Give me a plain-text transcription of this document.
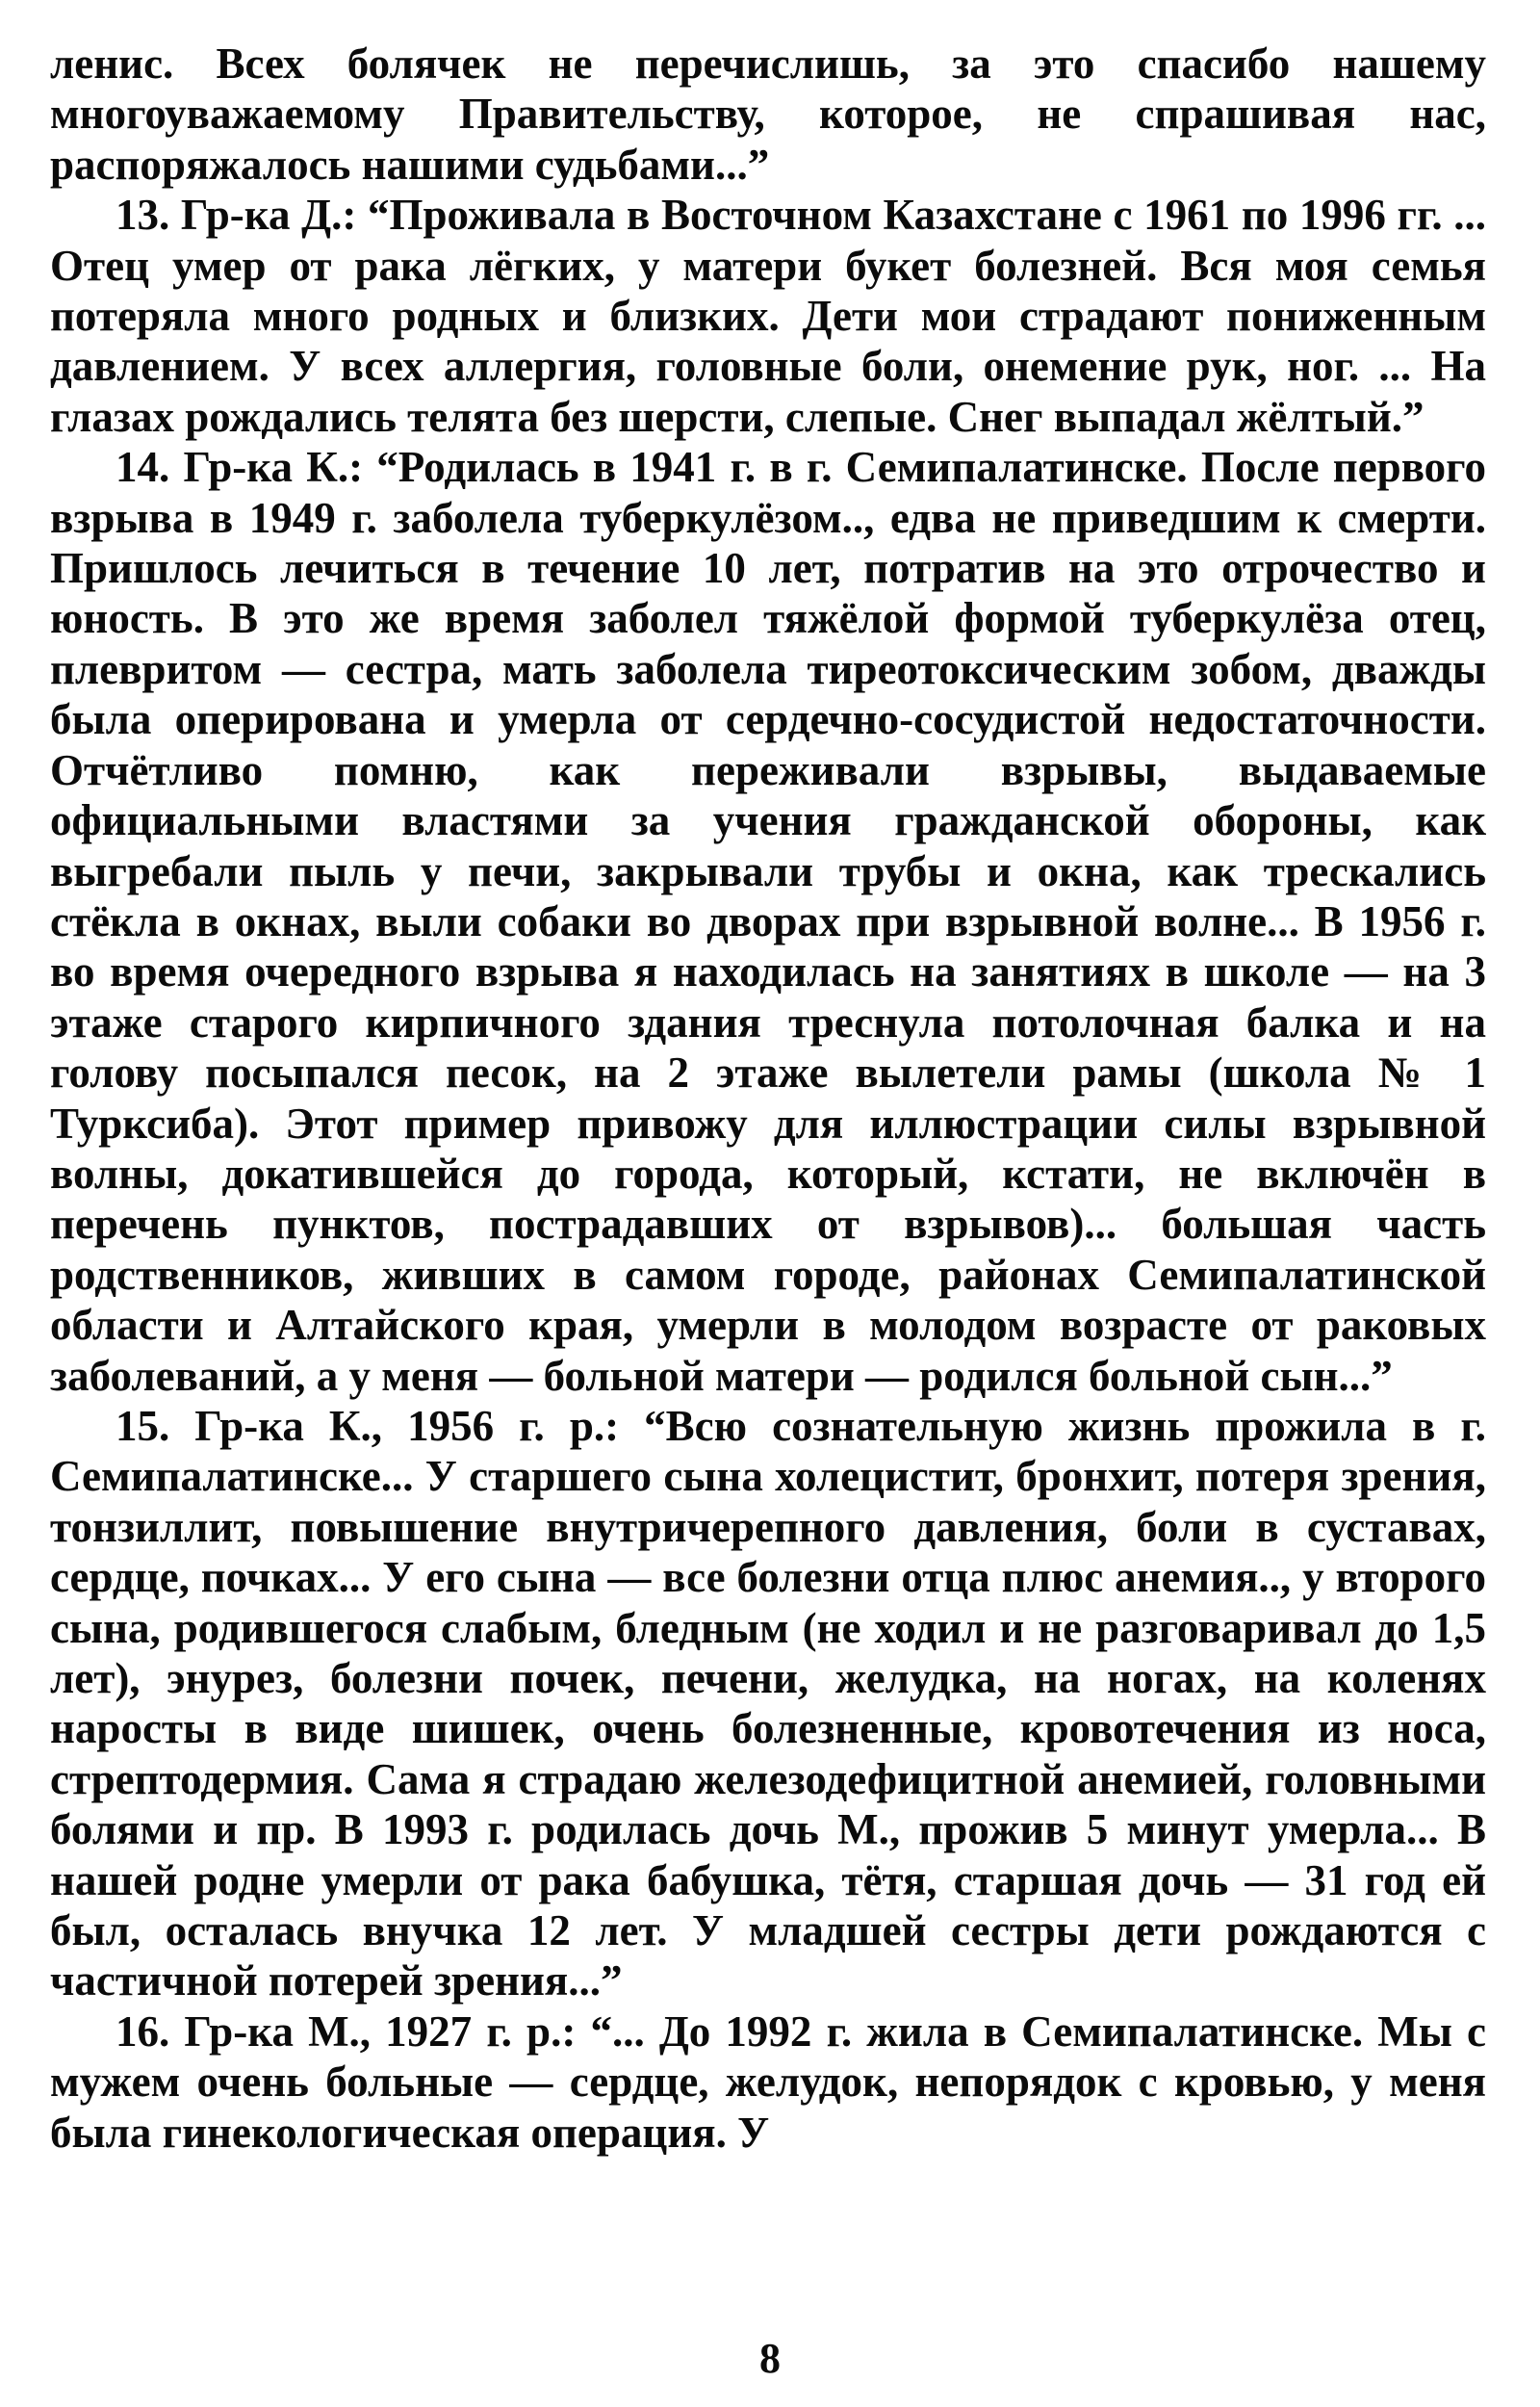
ленис. Всех болячек не перечислишь, за это спасибо нашему многоуважаемому Правительству, которое, не спрашивая нас, распоряжалось нашими судьбами...”

13. Гр-ка Д.: “Проживала в Восточном Казахстане с 1961 по 1996 гг. ... Отец умер от рака лёгких, у матери букет болезней. Вся моя семья потеряла много родных и близких. Дети мои страдают пониженным давлением. У всех аллергия, головные боли, онемение рук, ног. ... На глазах рождались телята без шерсти, слепые. Снег выпадал жёлтый.”

14. Гр-ка К.: “Родилась в 1941 г. в г. Семипалатинске. После первого взрыва в 1949 г. заболела туберкулёзом.., едва не приведшим к смерти. Пришлось лечиться в течение 10 лет, потратив на это отрочество и юность. В это же время заболел тяжёлой формой туберкулёза отец, плевритом — сестра, мать заболела тиреотоксическим зобом, дважды была оперирована и умерла от сердечно-сосудистой недостаточности. Отчётливо помню, как переживали взрывы, выдаваемые официальными властями за учения гражданской обороны, как выгребали пыль у печи, закрывали трубы и окна, как трескались стёкла в окнах, выли собаки во дворах при взрывной волне... В 1956 г. во время очередного взрыва я находилась на занятиях в школе — на 3 этаже старого кирпичного здания треснула потолочная балка и на голову посыпался песок, на 2 этаже вылетели рамы (школа № 1 Турксиба). Этот пример привожу для иллюстрации силы взрывной волны, докатившейся до города, который, кстати, не включён в перечень пунктов, пострадавших от взрывов)... большая часть родственников, живших в самом городе, районах Семипалатинской области и Алтайского края, умерли в молодом возрасте от раковых заболеваний, а у меня — больной матери — родился больной сын...”

15. Гр-ка К., 1956 г. р.: “Всю сознательную жизнь прожила в г. Семипалатинске... У старшего сына холецистит, бронхит, потеря зрения, тонзиллит, повышение внутричерепного давления, боли в суставах, сердце, почках... У его сына — все болезни отца плюс анемия.., у второго сына, родившегося слабым, бледным (не ходил и не разговаривал до 1,5 лет), энурез, болезни почек, печени, желудка, на ногах, на коленях наросты в виде шишек, очень болезненные, кровотечения из носа, стрептодермия. Сама я страдаю железодефицитной анемией, головными болями и пр. В 1993 г. родилась дочь М., прожив 5 минут умерла... В нашей родне умерли от рака бабушка, тётя, старшая дочь — 31 год ей был, осталась внучка 12 лет. У младшей сестры дети рождаются с частичной потерей зрения...”

16. Гр-ка М., 1927 г. р.: “... До 1992 г. жила в Семипалатинске. Мы с мужем очень больные — сердце, желудок, непорядок с кровью, у меня была гинекологическая операция. У

8
